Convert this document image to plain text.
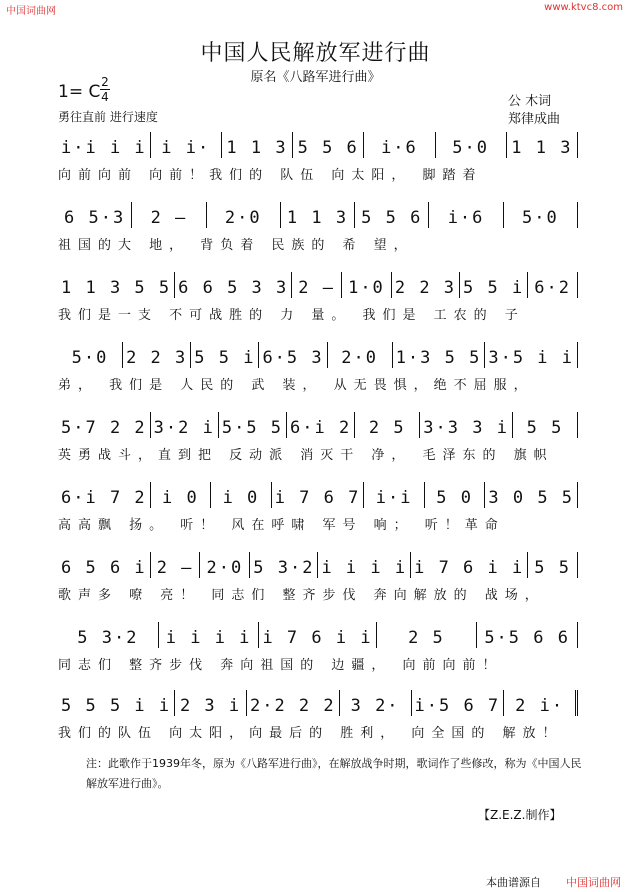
中国词曲网	www.ktvc8.com
中国人民解放军进行曲
原名《八路军进行曲》
1= C 2
4
勇往直前 进行速度
公 木词
郑律成曲
i·i i i i i· 1 1 3 5 5 6	i·6	5·0	1 1 3
向前向前 向前！我们的 队伍 向太阳， 脚踏着
6 5·3	2 –	2·0	1 1 3 5 5 6	i·6	5·0
祖国的大 地， 背负着 民族的 希 望，
1 1 3 5 5 6 6 5 3 3 2 – 1·0 2 2 3 5 5 i 6·2
我们是一支 不可战胜的 力 量。 我们是 工农的 子
5·0	2 2 3 5 5 i 6·5 3	2·0	1·3 5 5 3·5 i i
弟， 我们是 人民的 武 装， 从无畏惧，绝不屈服，
5·7 2 2 3·2 i 5·5 5 6·i 2	2 5	3·3 3 i	5 5
英勇战斗，直到把 反动派 消灭干 净， 毛泽东的 旗帜
6·i 7 2 i 0	i 0 i 7 6 7 i·i	5 0 3 0 5 5
高高飘 扬。 听！ 风在呼啸 军号 响； 听！革命
6 5 6 i 2 – 2·0 5 3·2 i i i i i 7 6 i i 5 5
歌声多 嘹 亮！ 同志们 整齐步伐 奔向解放的 战场，
5 3·2	i i i i i 7 6 i i	2 5	5·5 6 6
同志们 整齐步伐 奔向祖国的 边疆， 向前向前！
5 5 5 i i 2 3 i 2·2 2 2 3 2· i·5 6 7 2 i·
我们的队伍 向太阳，向最后的 胜利， 向全国的 解放！
注：此歌作于1939年冬，原为《八路军进行曲》，在解放战争时期，歌词作了些修改，称为《中国人民解放军进行曲》。
【Z.E.Z.制作】
本曲谱源自 中国词曲网
